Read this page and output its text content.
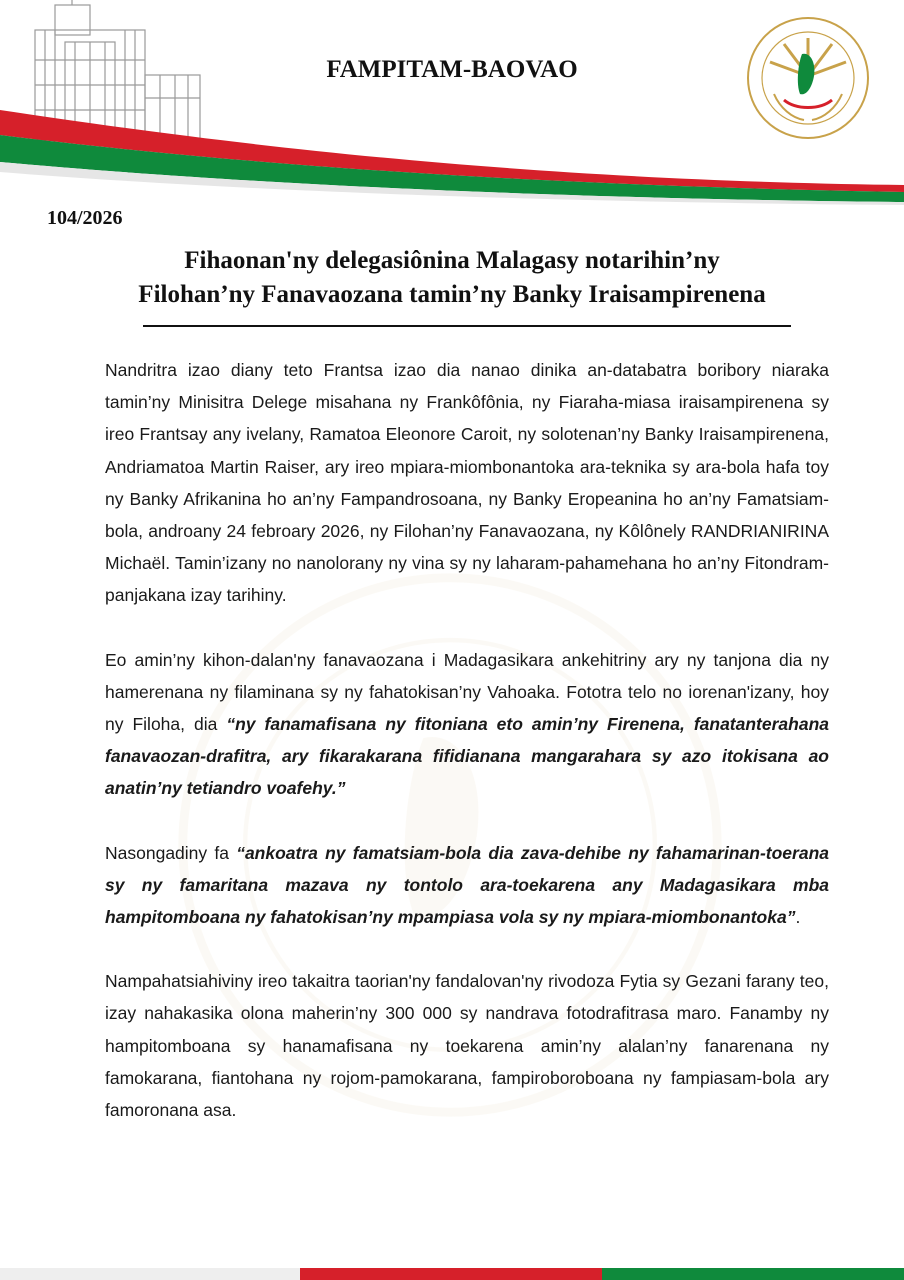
FAMPITAM-BAOVAO
104/2026
Fihaonan'ny delegasiônina Malagasy notarihin’ny
Filohan’ny Fanavaozana tamin’ny Banky Iraisampirenena

Nandritra izao diany teto Frantsa izao dia nanao dinika an-databatra boribory niaraka tamin’ny Minisitra Delege misahana ny Frankôfônia, ny Fiaraha-miasa iraisampirenena sy ireo Frantsay any ivelany, Ramatoa Eleonore Caroit, ny solotenan’ny Banky Iraisampirenena, Andriamatoa Martin Raiser, ary ireo mpiara-miombonantoka ara-teknika sy ara-bola hafa toy ny Banky Afrikanina ho an’ny Fampandrosoana, ny Banky Eropeanina ho an’ny Famatsiam-bola, androany 24 febroary 2026, ny Filohan’ny Fanavaozana, ny Kôlônely RANDRIANIRINA Michaël. Tamin’izany no nanolorany ny vina sy ny laharam-pahamehana ho an’ny Fitondram-panjakana izay tarihiny.

Eo amin’ny kihon-dalan'ny fanavaozana i Madagasikara ankehitriny ary ny tanjona dia ny hamerenana ny filaminana sy ny fahatokisan’ny Vahoaka. Fototra telo no iorenan'izany, hoy ny Filoha, dia “ny fanamafisana ny fitoniana eto amin’ny Firenena, fanatanterahana fanavaozan-drafitra, ary fikarakarana fifidianana mangarahara sy azo itokisana ao anatin’ny tetiandro voafehy.”

Nasongadiny fa “ankoatra ny famatsiam-bola dia zava-dehibe ny fahamarinan-toerana sy ny famaritana mazava ny tontolo ara-toekarena any Madagasikara mba hampitomboana ny fahatokisan’ny mpampiasa vola sy ny mpiara-miombonantoka”.

Nampahatsiahiviny ireo takaitra taorian'ny fandalovan'ny rivodoza Fytia sy Gezani farany teo, izay nahakasika olona maherin’ny 300 000 sy nandrava fotodrafitrasa maro. Fanamby ny hampitomboana sy hanamafisana ny toekarena amin’ny alalan’ny fanarenana ny famokarana, fiantohana ny rojom-pamokarana, fampiroboroboana ny fampiasam-bola ary famoronana asa.
